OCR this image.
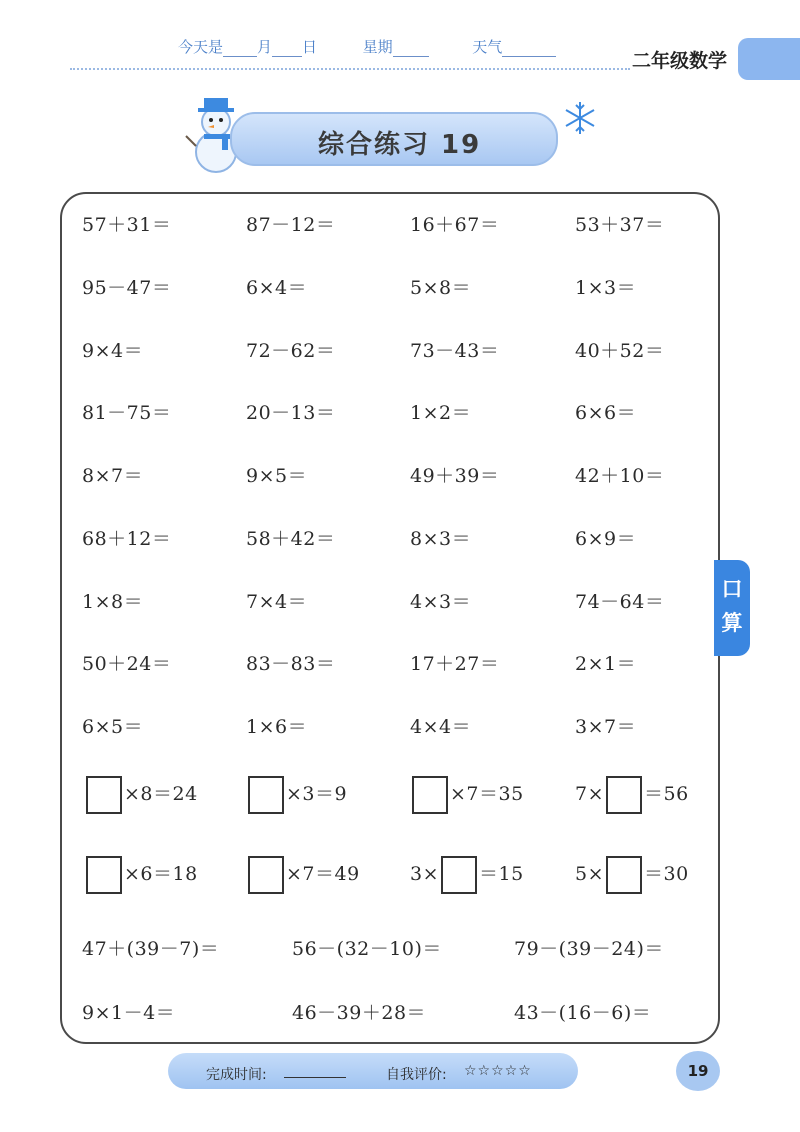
今天是 月 日	星期	天气
二年级数学
综合练习 19
57＋31＝	87－12＝	16＋67＝	53＋37＝
95－47＝	6×4＝	5×8＝	1×3＝
9×4＝	72－62＝	73－43＝	40＋52＝
81－75＝	20－13＝	1×2＝	6×6＝
8×7＝	9×5＝	49＋39＝	42＋10＝
68＋12＝	58＋42＝	8×3＝	6×9＝
1×8＝	7×4＝	4×3＝	74－64＝
50＋24＝	83－83＝	17＋27＝	2×1＝
6×5＝	1×6＝	4×4＝	3×7＝
×8＝24	×3＝9	×7＝35	7× ＝56
×6＝18	×7＝49	3× ＝15	5× ＝30
47＋(39－7)＝	56－(32－10)＝	79－(39－24)＝
9×1－4＝	46－39＋28＝	43－(16－6)＝
口
算
完成时间:	自我评价: ☆☆☆☆☆	19
